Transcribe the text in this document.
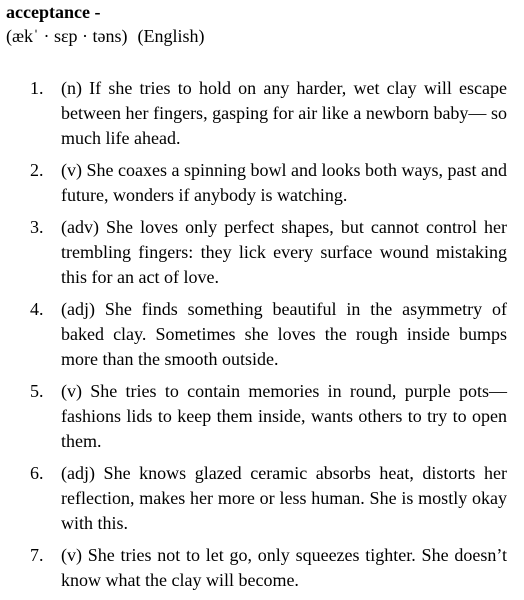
acceptance -
(ækˈ · sɛp · təns) (English)
1. (n) If she tries to hold on any harder, wet clay will escape between her fingers, gasping for air like a newborn baby— so much life ahead.
2. (v) She coaxes a spinning bowl and looks both ways, past and future, wonders if anybody is watching.
3. (adv) She loves only perfect shapes, but cannot control her trembling fingers: they lick every surface wound mistaking this for an act of love.
4. (adj) She finds something beautiful in the asymmetry of baked clay. Sometimes she loves the rough inside bumps more than the smooth outside.
5. (v) She tries to contain memories in round, purple pots— fashions lids to keep them inside, wants others to try to open them.
6. (adj) She knows glazed ceramic absorbs heat, distorts her reflection, makes her more or less human. She is mostly okay with this.
7. (v) She tries not to let go, only squeezes tighter. She doesn’t know what the clay will become.
